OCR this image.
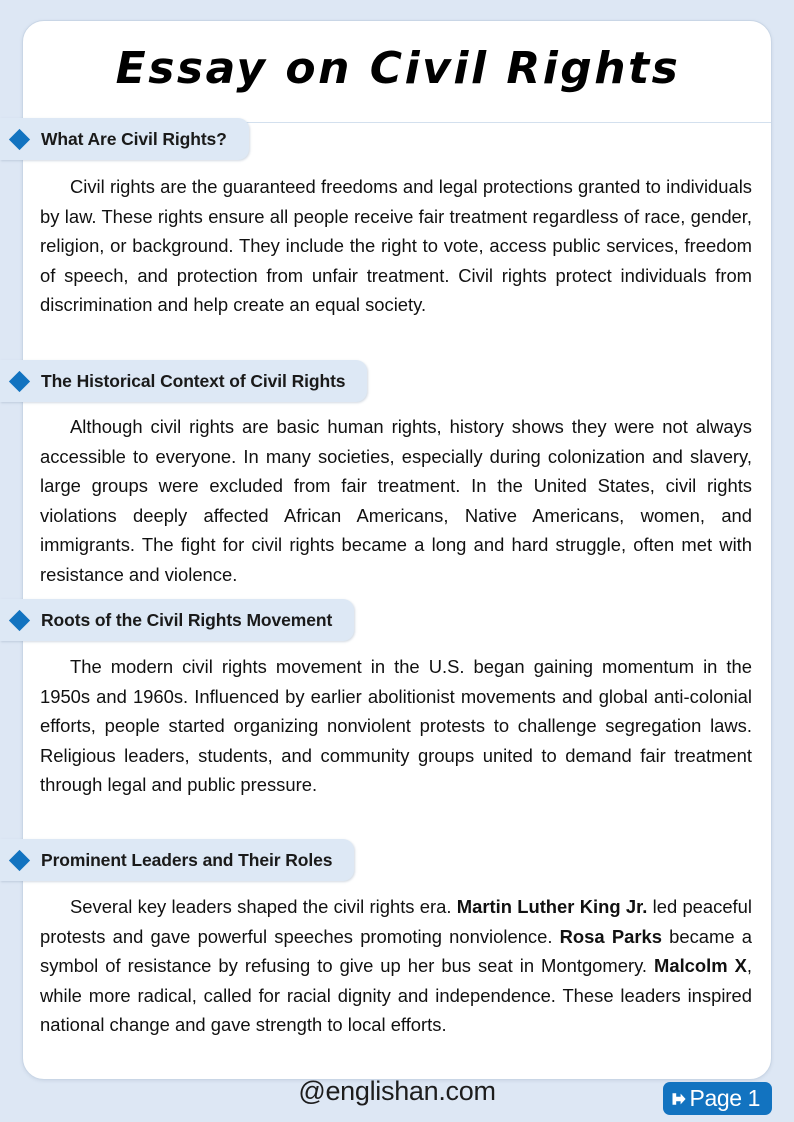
Essay on Civil Rights
What Are Civil Rights?
Civil rights are the guaranteed freedoms and legal protections granted to individuals by law. These rights ensure all people receive fair treatment regardless of race, gender, religion, or background. They include the right to vote, access public services, freedom of speech, and protection from unfair treatment. Civil rights protect individuals from discrimination and help create an equal society.
The Historical Context of Civil Rights
Although civil rights are basic human rights, history shows they were not always accessible to everyone. In many societies, especially during colonization and slavery, large groups were excluded from fair treatment. In the United States, civil rights violations deeply affected African Americans, Native Americans, women, and immigrants. The fight for civil rights became a long and hard struggle, often met with resistance and violence.
Roots of the Civil Rights Movement
The modern civil rights movement in the U.S. began gaining momentum in the 1950s and 1960s. Influenced by earlier abolitionist movements and global anti-colonial efforts, people started organizing nonviolent protests to challenge segregation laws. Religious leaders, students, and community groups united to demand fair treatment through legal and public pressure.
Prominent Leaders and Their Roles
Several key leaders shaped the civil rights era. Martin Luther King Jr. led peaceful protests and gave powerful speeches promoting nonviolence. Rosa Parks became a symbol of resistance by refusing to give up her bus seat in Montgomery. Malcolm X, while more radical, called for racial dignity and independence. These leaders inspired national change and gave strength to local efforts.
@englishan.com	Page 1
